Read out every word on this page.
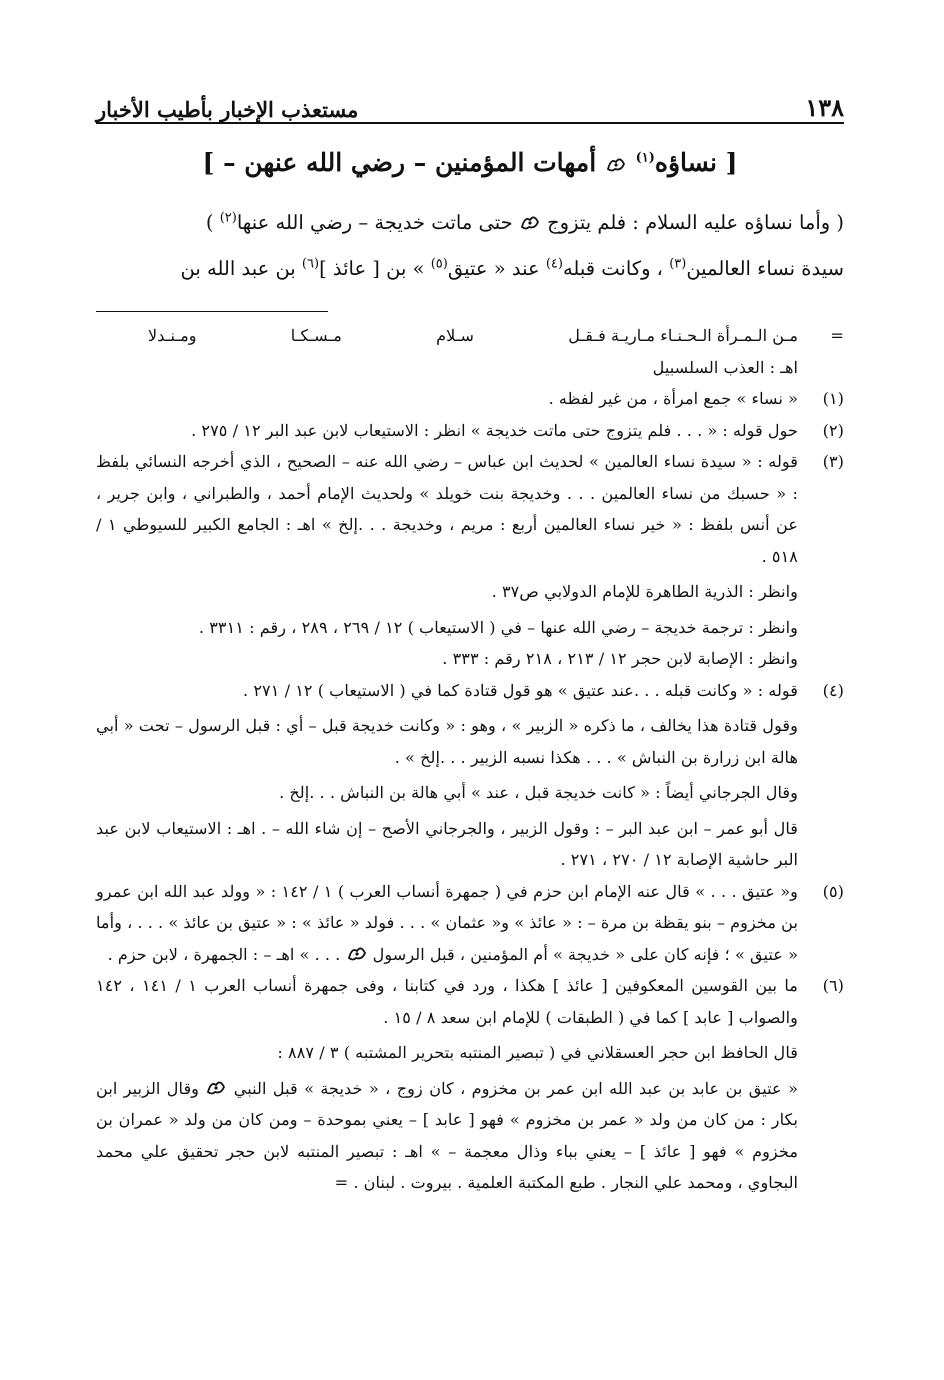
١٣٨
مستعذب الإخبار بأطيب الأخبار
[ نساؤه$^{(١)}$  أمهات المؤمنين – رضي الله عنهن – ]
( وأما نساؤه عليه السلام : فلم يتزوج  حتى ماتت خديجة – رضي الله عنها$^{(٢)}$ )
سيدة نساء العالمين$^{(٣)}$ ، وكانت قبله$^{(٤)}$ عند « عتيق$^{(٥)}$ » بن [ عائذ ]$^{(٦)}$ بن عبد الله بن
=
مـن الـمـرأة الـحـنـاء مـاريـة فـقـل
سـلام
مـسـكـا
ومـنـدلا

اهـ : العذب السلسبيل

(١)

« نساء » جمع امرأة ، من غير لفظه .

(٢)

حول قوله : « . . . فلم يتزوج حتى ماتت خديجة » انظر : الاستيعاب لابن عبد البر ١٢ / ٢٧٥ .

(٣)

قوله : « سيدة نساء العالمين » لحديث ابن عباس – رضي الله عنه – الصحيح ، الذي أخرجه النسائي بلفظ : « حسبك من نساء العالمين . . . وخديجة بنت خويلد » ولحديث الإمام أحمد ، والطبراني ، وابن جرير ، عن أنس بلفظ : « خير نساء العالمين أربع : مريم ، وخديجة . . .إلخ » اهـ : الجامع الكبير للسيوطي ١ / ٥١٨ .

وانظر : الذرية الطاهرة للإمام الدولابي ص٣٧ .

وانظر : ترجمة خديجة – رضي الله عنها – في ( الاستيعاب ) ١٢ / ٢٦٩ ، ٢٨٩ ، رقم : ٣٣١١ .

وانظر : الإصابة لابن حجر ١٢ / ٢١٣ ، ٢١٨ رقم : ٣٣٣ .

(٤)

قوله : « وكانت قبله . . .عند عتيق » هو قول قتادة كما في ( الاستيعاب ) ١٢ / ٢٧١ .

وقول قتادة هذا يخالف ، ما ذكره « الزبير » ، وهو : « وكانت خديجة قبل – أي : قبل الرسول – تحت « أبي هالة ابن زرارة بن النباش » . . . هكذا نسبه الزبير . . .إلخ » .

وقال الجرجاني أيضاً : « كانت خديجة قبل ، عند » أبي هالة بن النباش . . .إلخ .

قال أبو عمر – ابن عبد البر – : وقول الزبير ، والجرجاني الأصح – إن شاء الله – . اهـ : الاستيعاب لابن عبد البر حاشية الإصابة ١٢ / ٢٧٠ ، ٢٧١ .

(٥)

و« عتيق . . . » قال عنه الإمام ابن حزم في ( جمهرة أنساب العرب ) ١ / ١٤٢ : « وولد عبد الله ابن عمرو بن مخزوم – بنو يقظة بن مرة – : « عائذ » و« عثمان » . . . فولد « عائذ » : « عتيق بن عائذ » . . . ، وأما « عتيق » ؛ فإنه كان على « خديجة » أم المؤمنين ، قبل الرسول  . . . » اهـ – : الجمهرة ، لابن حزم .

(٦)

ما بين القوسين المعكوفين [ عائذ ] هكذا ، ورد في كتابنا ، وفى جمهرة أنساب العرب ١ / ١٤١ ، ١٤٢ والصواب [ عابد ] كما في ( الطبقات ) للإمام ابن سعد ٨ / ١٥ .

قال الحافظ ابن حجر العسقلاني في ( تبصير المنتبه بتحرير المشتبه ) ٣ / ٨٨٧ :

« عتيق بن عابد بن عبد الله ابن عمر بن مخزوم ، كان زوج ، « خديجة » قبل النبي  وقال الزبير ابن بكار : من كان من ولد « عمر بن مخزوم » فهو [ عابد ] – يعني بموحدة – ومن كان من ولد « عمران بن مخزوم » فهو [ عائذ ] – يعني بباء وذال معجمة – » اهـ : تبصير المنتبه لابن حجر تحقيق علي محمد البجاوي ، ومحمد علي النجار . طبع المكتبة العلمية . بيروت . لبنان . =
